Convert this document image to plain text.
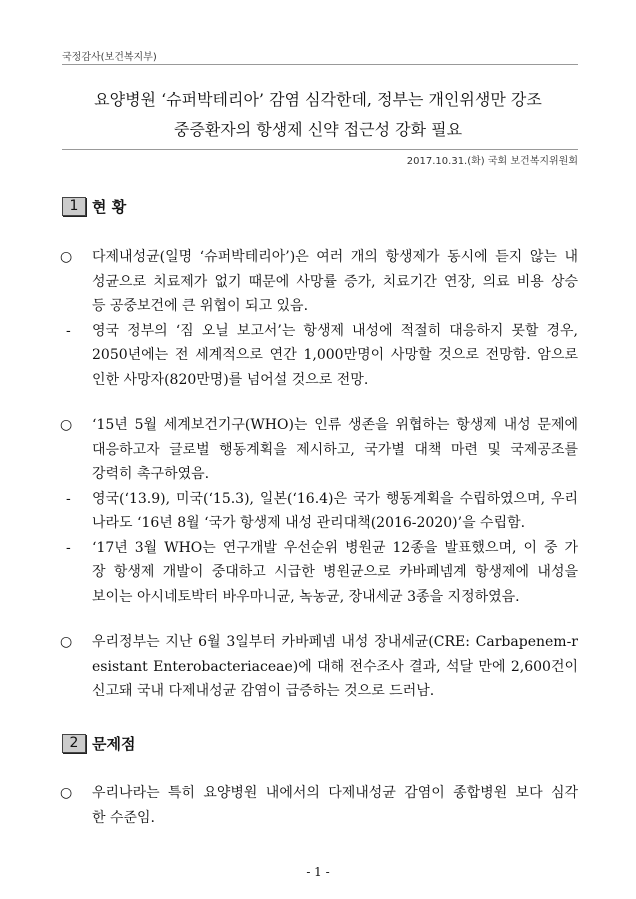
국정감사(보건복지부)
요양병원 ‘슈퍼박테리아’ 감염 심각한데, 정부는 개인위생만 강조
중증환자의 항생제 신약 접근성 강화 필요
2017.10.31.(화) 국회 보건복지위원회
1 현 황
○ 다제내성균(일명 ‘슈퍼박테리아’)은 여러 개의 항생제가 동시에 듣지 않는 내
성균으로 치료제가 없기 때문에 사망률 증가, 치료기간 연장, 의료 비용 상승
등 공중보건에 큰 위협이 되고 있음.
- 영국 정부의 ‘짐 오닐 보고서’는 항생제 내성에 적절히 대응하지 못할 경우,
2050년에는 전 세계적으로 연간 1,000만명이 사망할 것으로 전망함. 암으로
인한 사망자(820만명)를 넘어설 것으로 전망.
○ ‘15년 5월 세계보건기구(WHO)는 인류 생존을 위협하는 항생제 내성 문제에
대응하고자 글로벌 행동계획을 제시하고, 국가별 대책 마련 및 국제공조를
강력히 촉구하였음.
- 영국(‘13.9), 미국(‘15.3), 일본(‘16.4)은 국가 행동계획을 수립하였으며, 우리
나라도 ‘16년 8월 ‘국가 항생제 내성 관리대책(2016-2020)’을 수립함.
- ‘17년 3월 WHO는 연구개발 우선순위 병원균 12종을 발표했으며, 이 중 가
장 항생제 개발이 중대하고 시급한 병원균으로 카바페넴계 항생제에 내성을
보이는 아시네토박터 바우마니균, 녹농균, 장내세균 3종을 지정하였음.
○ 우리정부는 지난 6월 3일부터 카바페넴 내성 장내세균(CRE: Carbapenem-r
esistant Enterobacteriaceae)에 대해 전수조사 결과, 석달 만에 2,600건이
신고돼 국내 다제내성균 감염이 급증하는 것으로 드러남.
2 문제점
○ 우리나라는 특히 요양병원 내에서의 다제내성균 감염이 종합병원 보다 심각
한 수준임.
- 1 -
